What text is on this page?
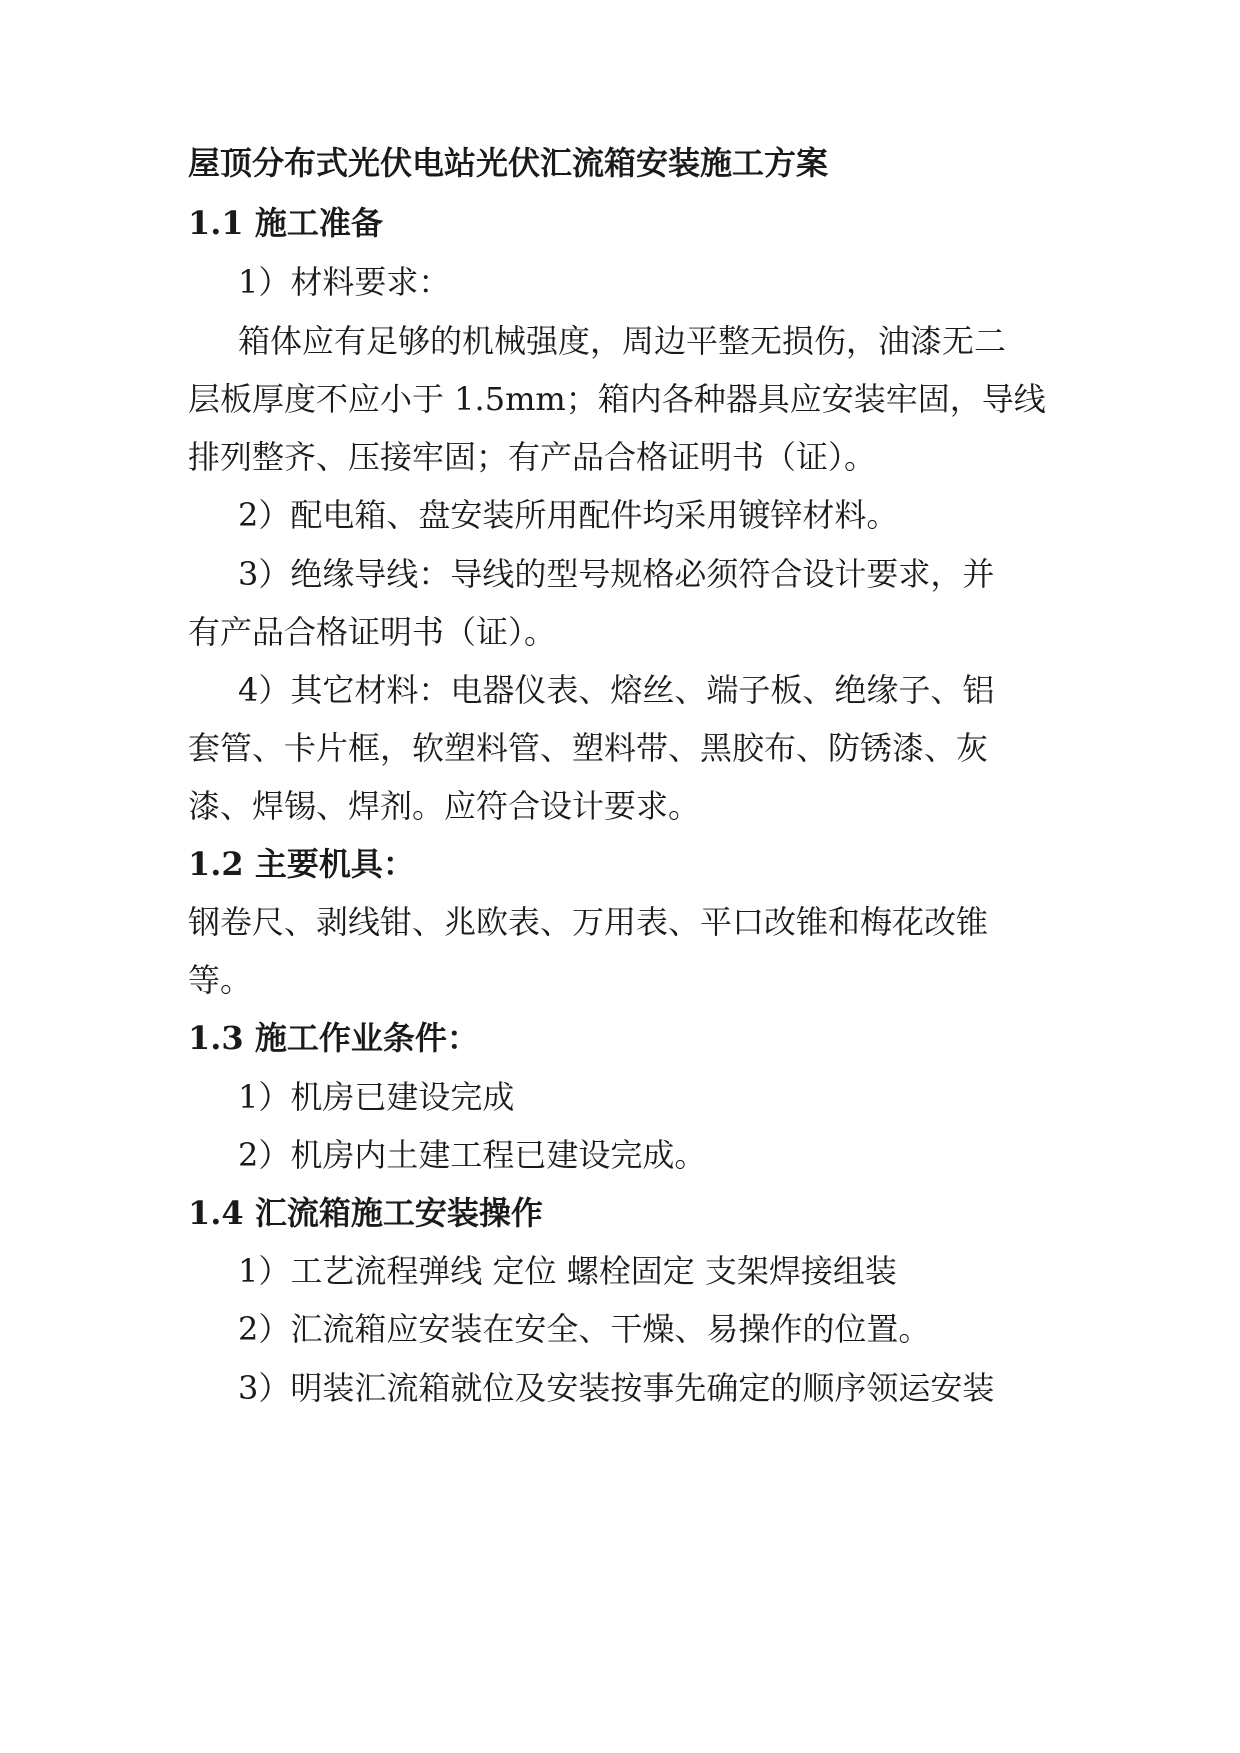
屋顶分布式光伏电站光伏汇流箱安装施工方案
1.1 施工准备
1）材料要求：
箱体应有足够的机械强度，周边平整无损伤，油漆无二
层板厚度不应小于 1.5mm；箱内各种器具应安装牢固，导线
排列整齐、压接牢固；有产品合格证明书（证）。
2）配电箱、盘安装所用配件均采用镀锌材料。
3）绝缘导线：导线的型号规格必须符合设计要求，并
有产品合格证明书（证）。
4）其它材料：电器仪表、熔丝、端子板、绝缘子、铝
套管、卡片框，软塑料管、塑料带、黑胶布、防锈漆、灰
漆、焊锡、焊剂。应符合设计要求。
1.2 主要机具：
钢卷尺、剥线钳、兆欧表、万用表、平口改锥和梅花改锥
等。
1.3 施工作业条件：
1）机房已建设完成
2）机房内土建工程已建设完成。
1.4 汇流箱施工安装操作
1）工艺流程弹线 定位 螺栓固定 支架焊接组装
2）汇流箱应安装在安全、干燥、易操作的位置。
3）明装汇流箱就位及安装按事先确定的顺序领运安装
